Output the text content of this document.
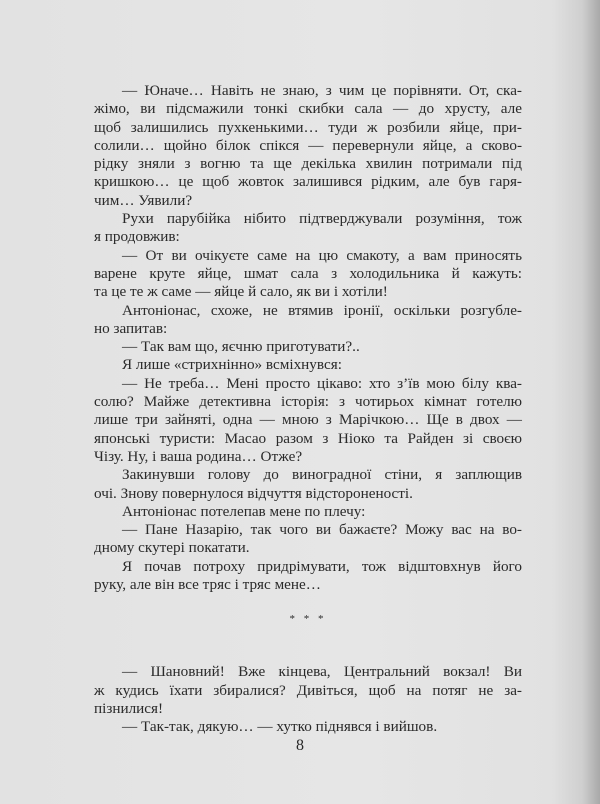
— Юначе… Навіть не знаю, з чим це порівняти. От, ска-
жімо, ви підсмажили тонкі скибки сала — до хрусту, але
щоб залишились пухкенькими… туди ж розбили яйце, при-
солили… щойно білок спікся — перевернули яйце, а сково-
рідку зняли з вогню та ще декілька хвилин потримали під
кришкою… це щоб жовток залишився рідким, але був гаря-
чим… Уявили?
Рухи парубійка нібито підтверджували розуміння, тож
я продовжив:
— От ви очікуєте саме на цю смакоту, а вам приносять
варене круте яйце, шмат сала з холодильника й кажуть:
та це те ж саме — яйце й сало, як ви і хотіли!
Антоніонас, схоже, не втямив іронії, оскільки розгубле-
но запитав:
— Так вам що, яєчню приготувати?..
Я лише «стрихнінно» всміхнувся:
— Не треба… Мені просто цікаво: хто з’їв мою білу ква-
солю? Майже детективна історія: з чотирьох кімнат готелю
лише три зайняті, одна — мною з Марічкою… Ще в двох —
японські туристи: Масао разом з Ніоко та Райден зі своєю
Чізу. Ну, і ваша родина… Отже?
Закинувши голову до виноградної стіни, я заплющив
очі. Знову повернулося відчуття відстороненості.
Антоніонас потелепав мене по плечу:
— Пане Назарію, так чого ви бажаєте? Можу вас на во-
дному скутері покатати.
Я почав потроху придрімувати, тож відштовхнув його
руку, але він все тряс і тряс мене…
* * *
— Шановний! Вже кінцева, Центральний вокзал! Ви
ж кудись їхати збиралися? Дивіться, щоб на потяг не за-
пізнилися!
— Так-так, дякую… — хутко піднявся і вийшов.
8
